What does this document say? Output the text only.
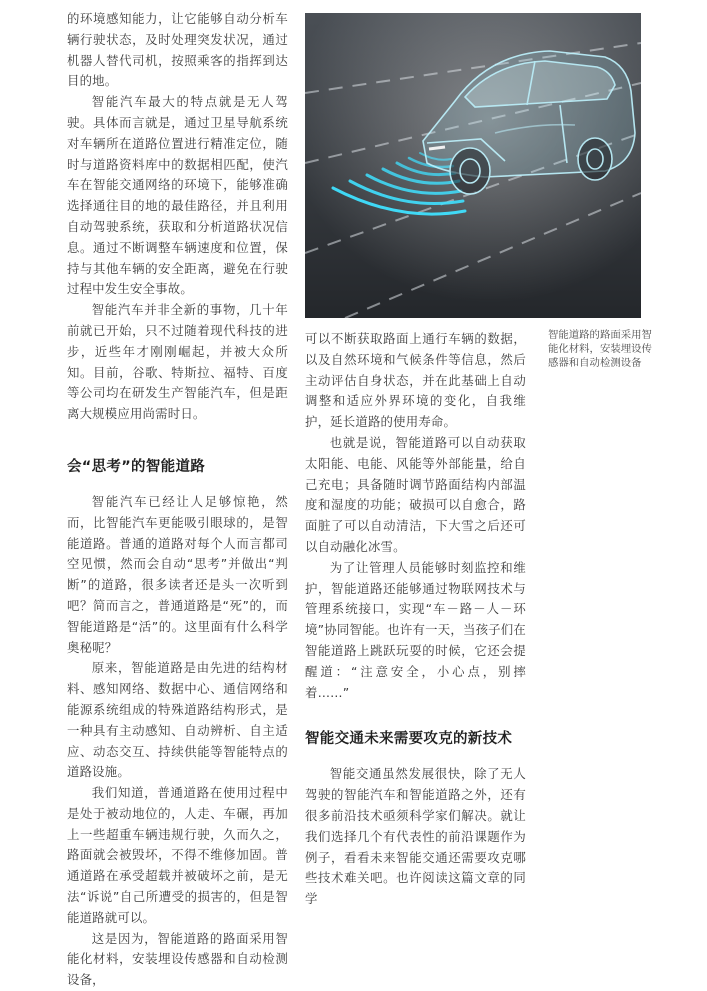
的环境感知能力，让它能够自动分析车辆行驶状态，及时处理突发状况，通过机器人替代司机，按照乘客的指挥到达目的地。

智能汽车最大的特点就是无人驾驶。具体而言就是，通过卫星导航系统对车辆所在道路位置进行精准定位，随时与道路资料库中的数据相匹配，使汽车在智能交通网络的环境下，能够准确选择通往目的地的最佳路径，并且利用自动驾驶系统，获取和分析道路状况信息。通过不断调整车辆速度和位置，保持与其他车辆的安全距离，避免在行驶过程中发生安全事故。

智能汽车并非全新的事物，几十年前就已开始，只不过随着现代科技的进步，近些年才刚刚崛起，并被大众所知。目前，谷歌、特斯拉、福特、百度等公司均在研发生产智能汽车，但是距离大规模应用尚需时日。

会“思考”的智能道路

智能汽车已经让人足够惊艳，然而，比智能汽车更能吸引眼球的，是智能道路。普通的道路对每个人而言都司空见惯，然而会自动“思考”并做出“判断”的道路，很多读者还是头一次听到吧？简而言之，普通道路是“死”的，而智能道路是“活”的。这里面有什么科学奥秘呢？

原来，智能道路是由先进的结构材料、感知网络、数据中心、通信网络和能源系统组成的特殊道路结构形式，是一种具有主动感知、自动辨析、自主适应、动态交互、持续供能等智能特点的道路设施。

我们知道，普通道路在使用过程中是处于被动地位的，人走、车碾，再加上一些超重车辆违规行驶，久而久之，路面就会被毁坏，不得不维修加固。普通道路在承受超载并被破坏之前，是无法“诉说”自己所遭受的损害的，但是智能道路就可以。

这是因为，智能道路的路面采用智能化材料，安装埋设传感器和自动检测设备，

智能道路的路面采用智能化材料，安装埋设传感器和自动检测设备

可以不断获取路面上通行车辆的数据，以及自然环境和气候条件等信息，然后主动评估自身状态，并在此基础上自动调整和适应外界环境的变化，自我维护，延长道路的使用寿命。

也就是说，智能道路可以自动获取太阳能、电能、风能等外部能量，给自己充电；具备随时调节路面结构内部温度和湿度的功能；破损可以自愈合，路面脏了可以自动清洁，下大雪之后还可以自动融化冰雪。

为了让管理人员能够时刻监控和维护，智能道路还能够通过物联网技术与管理系统接口，实现“车－路－人－环境”协同智能。也许有一天，当孩子们在智能道路上跳跃玩耍的时候，它还会提醒道：“注意安全，小心点，别摔着……”

智能交通未来需要攻克的新技术

智能交通虽然发展很快，除了无人驾驶的智能汽车和智能道路之外，还有很多前沿技术亟须科学家们解决。就让我们选择几个有代表性的前沿课题作为例子，看看未来智能交通还需要攻克哪些技术难关吧。也许阅读这篇文章的同学
